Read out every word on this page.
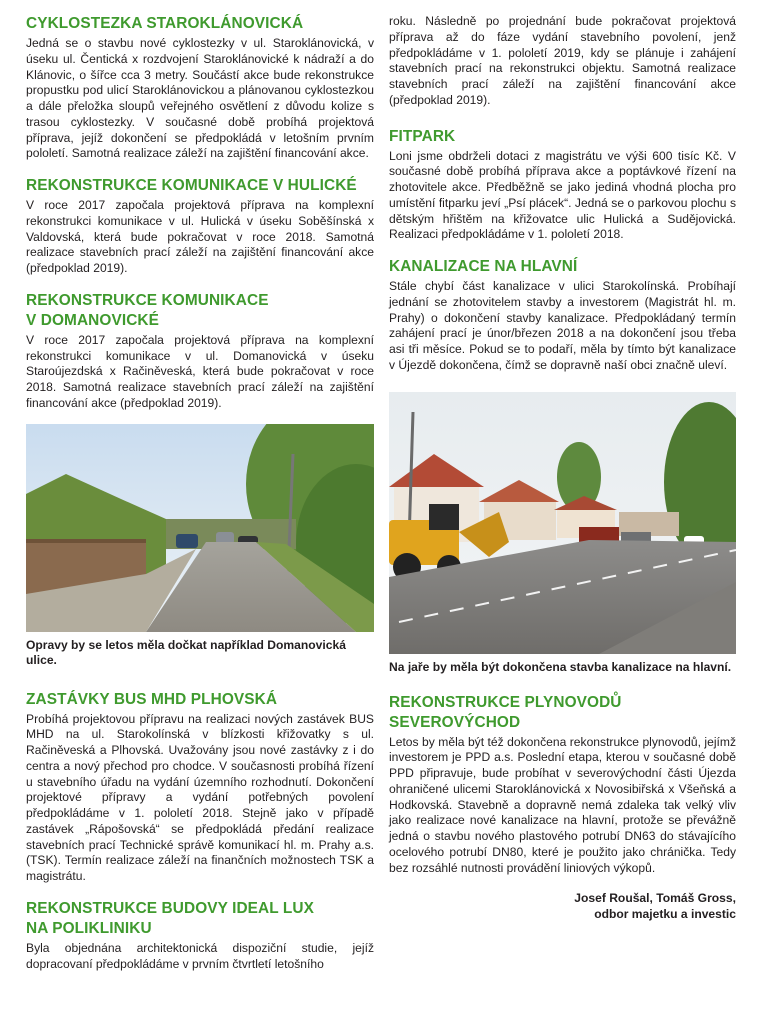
CYKLOSTEZKA STAROKLÁNOVICKÁ

Jedná se o stavbu nové cyklostezky v ul. Staroklánovická, v úseku ul. Čentická x rozdvojení Staroklánovické k nádraží a do Klánovic, o šířce cca 3 metry. Součástí akce bude rekonstrukce propustku pod ulicí Staroklánovickou a plánovanou cyklostezkou a dále přeložka sloupů veřejného osvětlení z důvodu kolize s trasou cyklostezky. V současné době probíhá projektová příprava, jejíž dokončení se předpokládá v letošním prvním pololetí. Samotná realizace záleží na zajištění financování akce.

REKONSTRUKCE KOMUNIKACE V HULICKÉ

V roce 2017 započala projektová příprava na komplexní rekonstrukci komunikace v ul. Hulická v úseku Soběšínská x Valdovská, která bude pokračovat v roce 2018. Samotná realizace stavebních prací záleží na zajištění financování akce (předpoklad 2019).

REKONSTRUKCE KOMUNIKACE
V DOMANOVICKÉ

V roce 2017 započala projektová příprava na komplexní rekonstrukci komunikace v ul. Domanovická v úseku Staroújezdská x Račiněveská, která bude pokračovat v roce 2018. Samotná realizace stavebních prací záleží na zajištění financování akce (předpoklad 2019).

Opravy by se letos měla dočkat například Domanovická ulice.

ZASTÁVKY BUS MHD PLHOVSKÁ

Probíhá projektovou přípravu na realizaci nových zastávek BUS MHD na ul. Starokolínská v blízkosti křižovatky s ul. Račiněveská a Plhovská. Uvažovány jsou nové zastávky z i do centra a nový přechod pro chodce. V současnosti probíhá řízení u stavebního úřadu na vydání územního rozhodnutí. Dokončení projektové přípravy a vydání potřebných povolení předpokládáme v 1. pololetí 2018. Stejně jako v případě zastávek „Rápošovská“ se předpokládá předání realizace stavebních prací Technické správě komunikací hl. m. Prahy a.s. (TSK). Termín realizace záleží na finančních možnostech TSK a magistrátu.

REKONSTRUKCE BUDOVY IDEAL LUX
NA POLIKLINIKU

Byla objednána architektonická dispoziční studie, jejíž dopracovaní předpokládáme v prvním čtvrtletí letošního

roku. Následně po projednání bude pokračovat projektová příprava až do fáze vydání stavebního povolení, jenž předpokládáme v 1. pololetí 2019, kdy se plánuje i zahájení stavebních prací na rekonstrukci objektu. Samotná realizace stavebních prací záleží na zajištění financování akce (předpoklad 2019).

FITPARK

Loni jsme obdrželi dotaci z magistrátu ve výši 600 tisíc Kč. V současné době probíhá příprava akce a poptávkové řízení na zhotovitele akce. Předběžně se jako jediná vhodná plocha pro umístění fitparku jeví „Psí plácek“. Jedná se o parkovou plochu s dětským hřištěm na křižovatce ulic Hulická a Sudějovická. Realizaci předpokládáme v 1. pololetí 2018.

KANALIZACE NA HLAVNÍ

Stále chybí část kanalizace v ulici Starokolínská. Probíhají jednání se zhotovitelem stavby a investorem (Magistrát hl. m. Prahy) o dokončení stavby kanalizace. Předpokládaný termín zahájení prací je únor/březen 2018 a na dokončení jsou třeba asi tři měsíce. Pokud se to podaří, měla by tímto být kanalizace v Újezdě dokončena, čímž se dopravně naší obci značně uleví.

Na jaře by měla být dokončena stavba kanalizace na hlavní.

REKONSTRUKCE PLYNOVODŮ
SEVEROVÝCHOD

Letos by měla být též dokončena rekonstrukce plynovodů, jejímž investorem je PPD a.s. Poslední etapa, kterou v současné době PPD připravuje, bude probíhat v severovýchodní části Újezda ohraničené ulicemi Staroklánovická x Novosibiřská x Všeňská a Hodkovská. Stavebně a dopravně nemá zdaleka tak velký vliv jako realizace nové kanalizace na hlavní, protože se převážně jedná o stavbu nového plastového potrubí DN63 do stávajícího ocelového potrubí DN80, které je použito jako chránička. Tedy bez rozsáhlé nutnosti provádění liniových výkopů.

Josef Roušal, Tomáš Gross,
odbor majetku a investic
